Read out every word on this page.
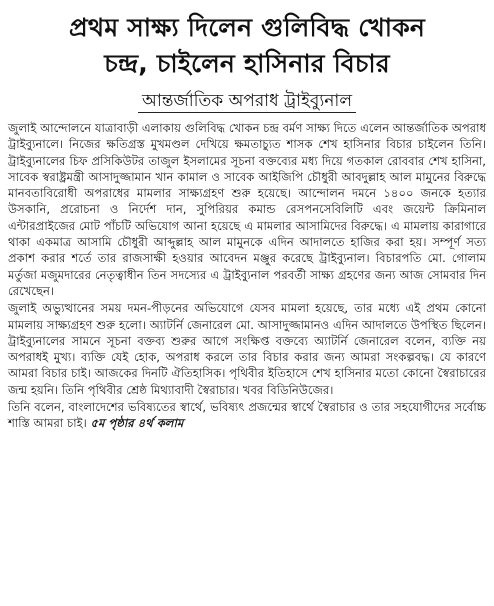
প্রথম সাক্ষ্য দিলেন গুলিবিদ্ধ খোকন
চন্দ্র, চাইলেন হাসিনার বিচার
আন্তর্জাতিক অপরাধ ট্রাইব্যুনাল

জুলাই আন্দোলনে যাত্রাবাড়ী এলাকায় গুলিবিদ্ধ খোকন চন্দ্র বর্মণ সাক্ষ্য দিতে এলেন আন্তর্জাতিক অপরাধ ট্রাইব্যুনালে। নিজের ক্ষতিগ্রস্ত মুখমণ্ডল দেখিয়ে ক্ষমতাচ্যুত শাসক শেখ হাসিনার বিচার চাইলেন তিনি। ট্রাইব্যুনালের চিফ প্রসিকিউটর তাজুল ইসলামের সূচনা বক্তব্যের মধ্য দিয়ে গতকাল রোববার শেখ হাসিনা, সাবেক স্বরাষ্ট্রমন্ত্রী আসাদুজ্জামান খান কামাল ও সাবেক আইজিপি চৌধুরী আবদুল্লাহ আল মামুনের বিরুদ্ধে মানবতাবিরোধী অপরাধের মামলার সাক্ষ্যগ্রহণ শুরু হয়েছে। আন্দোলন দমনে ১৪০০ জনকে হত্যার উসকানি, প্ররোচনা ও নির্দেশ দান, সুপিরিয়র কমান্ড রেসপনসেবিলিটি এবং জয়েন্ট ক্রিমিনাল এন্টারপ্রাইজের মোট পাঁচটি অভিযোগ আনা হয়েছে এ মামলার আসামিদের বিরুদ্ধে। এ মামলায় কারাগারে থাকা একমাত্র আসামি চৌধুরী আব্দুল্লাহ আল মামুনকে এদিন আদালতে হাজির করা হয়। সম্পূর্ণ সত্য প্রকাশ করার শর্তে তার রাজসাক্ষী হওয়ার আবেদন মঞ্জুর করেছে ট্রাইব্যুনাল। বিচারপতি মো. গোলাম মর্তুজা মজুমদারের নেতৃত্বাধীন তিন সদস্যের এ ট্রাইব্যুনাল পরবর্তী সাক্ষ্য গ্রহণের জন্য আজ সোমবার দিন রেখেছেন।

জুলাই অভ্যুত্থানের সময় দমন-পীড়নের অভিযোগে যেসব মামলা হয়েছে, তার মধ্যে এই প্রথম কোনো মামলায় সাক্ষ্যগ্রহণ শুরু হলো। অ্যাটর্নি জেনারেল মো. আসাদুজ্জামানও এদিন আদালতে উপস্থিত ছিলেন। ট্রাইব্যুনালের সামনে সূচনা বক্তব্য শুরুর আগে সংক্ষিপ্ত বক্তব্যে অ্যাটর্নি জেনারেল বলেন, ব্যক্তি নয় অপরাধই মুখ্য। ব্যক্তি যেই হোক, অপরাধ করলে তার বিচার করার জন্য আমরা সংকল্পবদ্ধ। যে কারণে আমরা বিচার চাই। আজকের দিনটি ঐতিহাসিক। পৃথিবীর ইতিহাসে শেখ হাসিনার মতো কোনো স্বৈরাচারের জন্ম হয়নি। তিনি পৃথিবীর শ্রেষ্ঠ মিথ্যাবাদী স্বৈরাচার। খবর বিডিনিউজের।

তিনি বলেন, বাংলাদেশের ভবিষ্যতের স্বার্থে, ভবিষ্যৎ প্রজন্মের স্বার্থে স্বৈরাচার ও তার সহযোগীদের সর্বোচ্চ শাস্তি আমরা চাই। ৫ম পৃষ্ঠার ৪র্থ কলাম
